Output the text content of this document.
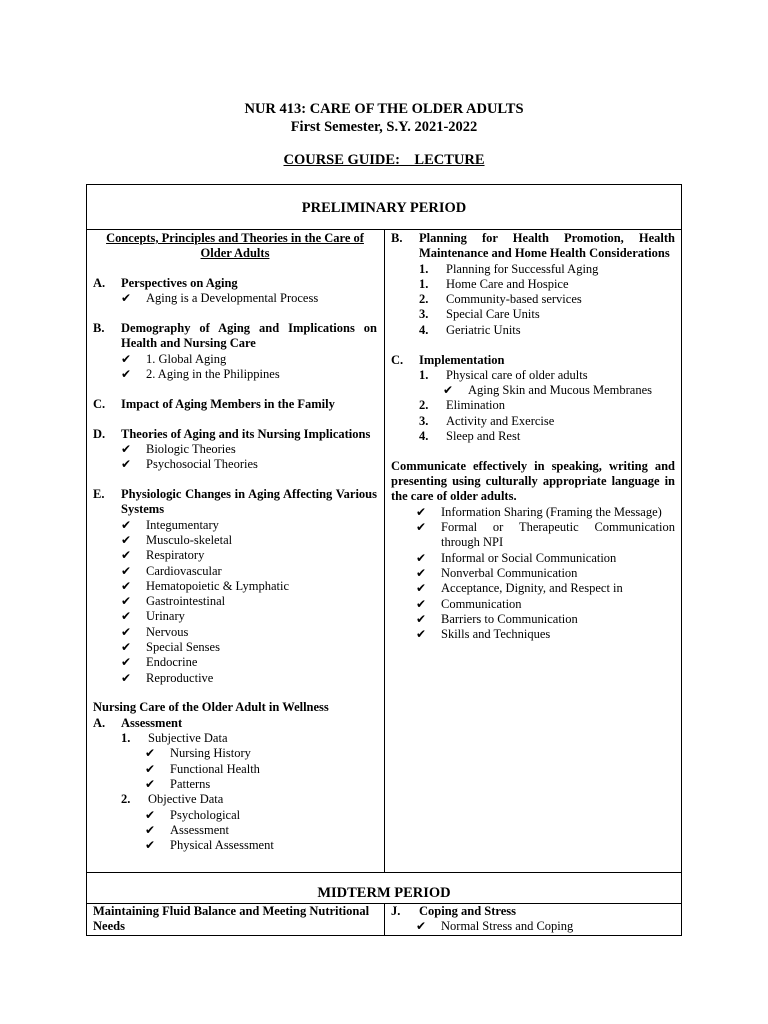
NUR 413: CARE OF THE OLDER ADULTS
First Semester, S.Y. 2021-2022
COURSE GUIDE:    LECTURE
PRELIMINARY PERIOD
MIDTERM PERIOD
Concepts, Principles and Theories in the Care of Older Adults
A.	Perspectives on Aging
✔	Aging is a Developmental Process
B.	Demography of Aging and Implications on Health and Nursing Care
✔	1. Global Aging
✔	2. Aging in the Philippines
C.	Impact of Aging Members in the Family
D.	Theories of Aging and its Nursing Implications
✔	Biologic Theories
✔	Psychosocial Theories
E.	Physiologic Changes in Aging Affecting Various Systems
✔	Integumentary
✔	Musculo-skeletal
✔	Respiratory
✔	Cardiovascular
✔	Hematopoietic & Lymphatic
✔	Gastrointestinal
✔	Urinary
✔	Nervous
✔	Special Senses
✔	Endocrine
✔	Reproductive
Nursing Care of the Older Adult in Wellness
A.	Assessment
1.	Subjective Data
✔	Nursing History
✔	Functional Health
✔	Patterns
2.	Objective Data
✔	Psychological
✔	Assessment
✔	Physical Assessment
B.	Planning for Health Promotion, Health Maintenance and Home Health Considerations
1.	Planning for Successful Aging
1.	Home Care and Hospice
2.	Community-based services
3.	Special Care Units
4.	Geriatric Units
C.	Implementation
1.	Physical care of older adults
✔	Aging Skin and Mucous Membranes
2.	Elimination
3.	Activity and Exercise
4.	Sleep and Rest
Communicate effectively in speaking, writing and presenting using culturally appropriate language in the care of older adults.
✔	Information Sharing (Framing the Message)
✔	Formal or Therapeutic Communication through NPI
✔	Informal or Social Communication
✔	Nonverbal Communication
✔	Acceptance, Dignity, and Respect in
✔	Communication
✔	Barriers to Communication
✔	Skills and Techniques
Maintaining Fluid Balance and Meeting Nutritional Needs
J.	Coping and Stress
✔	Normal Stress and Coping
